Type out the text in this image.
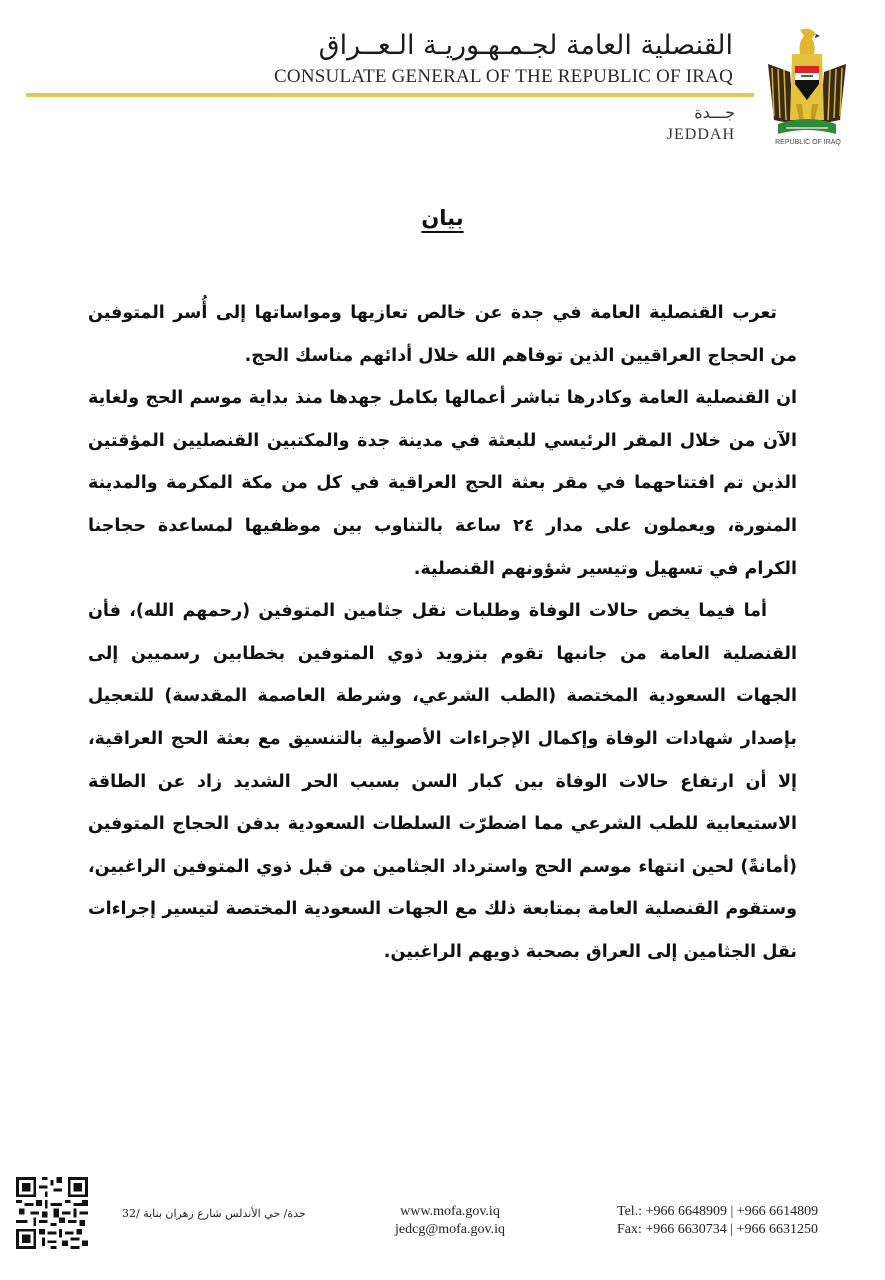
القنصلية العامة لجـمـهـوريـة الـعــراق
CONSULATE GENERAL OF THE REPUBLIC OF IRAQ
جـــدة
JEDDAH	REPUBLIC OF IRAQ
بيان

تعرب القنصلية العامة في جدة عن خالص تعازيها ومواساتها إلى أُسر المتوفين من الحجاج العراقيين الذين توفاهم الله خلال أدائهم مناسك الحج.

ان القنصلية العامة وكادرها تباشر أعمالها بكامل جهدها منذ بداية موسم الحج ولغاية الآن من خلال المقر الرئيسي للبعثة في مدينة جدة والمكتبين القنصليين المؤقتين الذين تم افتتاحهما في مقر بعثة الحج العراقية في كل من مكة المكرمة والمدينة المنورة، ويعملون على مدار ٢٤ ساعة بالتناوب بين موظفيها لمساعدة حجاجنا الكرام في تسهيل وتيسير شؤونهم القنصلية.

أما فيما يخص حالات الوفاة وطلبات نقل جثامين المتوفين (رحمهم الله)، فأن القنصلية العامة من جانبها تقوم بتزويد ذوي المتوفين بخطابين رسميين إلى الجهات السعودية المختصة (الطب الشرعي، وشرطة العاصمة المقدسة) للتعجيل بإصدار شهادات الوفاة وإكمال الإجراءات الأصولية بالتنسيق مع بعثة الحج العراقية، إلا أن ارتفاع حالات الوفاة بين كبار السن بسبب الحر الشديد زاد عن الطاقة الاستيعابية للطب الشرعي مما اضطرّت السلطات السعودية بدفن الحجاج المتوفين (أمانةً) لحين انتهاء موسم الحج واسترداد الجثامين من قبل ذوي المتوفين الراغبين، وستقوم القنصلية العامة بمتابعة ذلك مع الجهات السعودية المختصة لتيسير إجراءات نقل الجثامين إلى العراق بصحبة ذويهم الراغبين.

جدة/ حي الأندلس شارع زهران بناية /32	www.mofa.gov.iq
jedcg@mofa.gov.iq
Tel.: +966 6648909 | +966 6614809
Fax: +966 6630734 | +966 6631250
